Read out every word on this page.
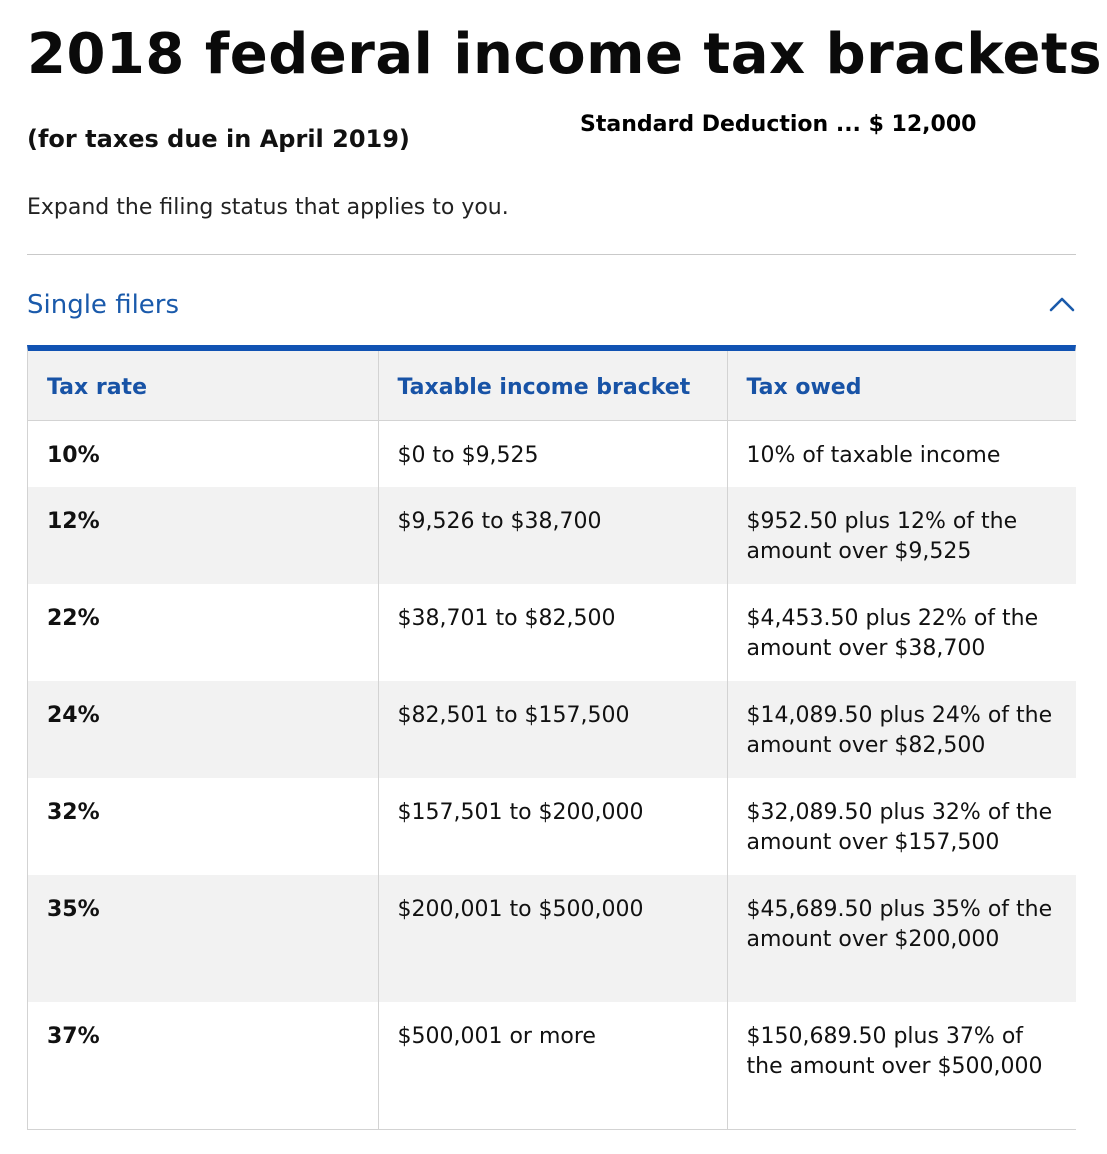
2018 federal income tax brackets
(for taxes due in April 2019)
Standard Deduction ... $ 12,000

Expand the filing status that applies to you.

Single filers
Tax rate	Taxable income bracket	Tax owed
10%	$0 to $9,525	10% of taxable income
12%	$9,526 to $38,700	$952.50 plus 12% of the amount over $9,525
22%	$38,701 to $82,500	$4,453.50 plus 22% of the amount over $38,700
24%	$82,501 to $157,500	$14,089.50 plus 24% of the amount over $82,500
32%	$157,501 to $200,000	$32,089.50 plus 32% of the amount over $157,500
35%	$200,001 to $500,000	$45,689.50 plus 35% of the amount over $200,000
37%	$500,001 or more	$150,689.50 plus 37% of the amount over $500,000
